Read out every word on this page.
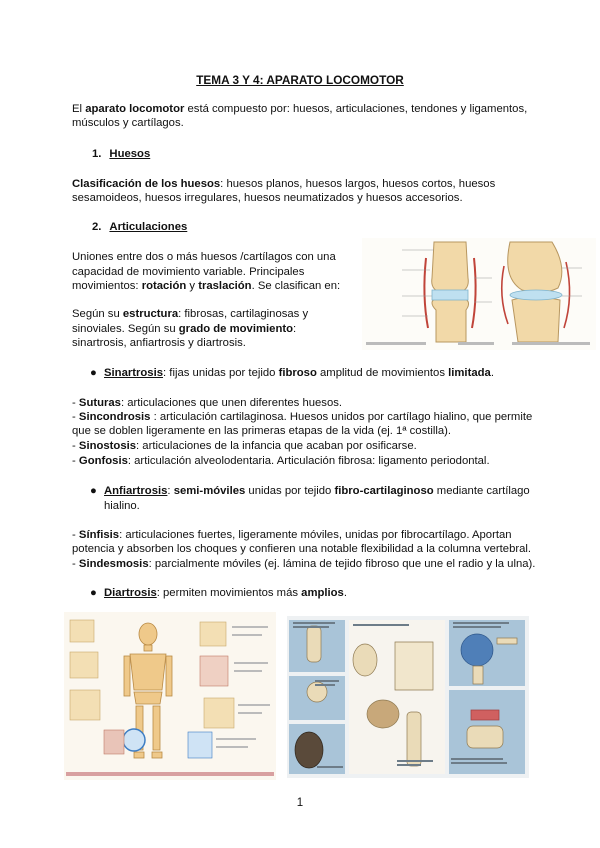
TEMA 3 Y 4: APARATO LOCOMOTOR
El aparato locomotor está compuesto por: huesos, articulaciones, tendones y ligamentos,
músculos y cartílagos.
1. Huesos
Clasificación de los huesos: huesos planos, huesos largos, huesos cortos, huesos
sesamoideos, huesos irregulares, huesos neumatizados y huesos accesorios.
2. Articulaciones
Uniones entre dos o más huesos /cartílagos con una
capacidad de movimiento variable. Principales
movimientos: rotación y traslación. Se clasifican en:
Según su estructura: fibrosas, cartilaginosas y
sinoviales. Según su grado de movimiento:
sinartrosis, anfiartrosis y diartrosis.
● Sinartrosis: fijas unidas por tejido fibroso amplitud de movimientos limitada.
- Suturas: articulaciones que unen diferentes huesos.
- Sincondrosis : articulación cartilaginosa. Huesos unidos por cartílago hialino, que permite
que se doblen ligeramente en las primeras etapas de la vida (ej. 1ª costilla).
- Sinostosis: articulaciones de la infancia que acaban por osificarse.
- Gonfosis: articulación alveolodentaria. Articulación fibrosa: ligamento periodontal.
● Anfiartrosis: semi-móviles unidas por tejido fibro-cartilaginoso mediante cartílago
hialino.
- Sínfisis: articulaciones fuertes, ligeramente móviles, unidas por fibrocartílago. Aportan
potencia y absorben los choques y confieren una notable flexibilidad a la columna vertebral.
- Sindesmosis: parcialmente móviles (ej. lámina de tejido fibroso que une el radio y la ulna).
● Diartrosis: permiten movimientos más amplios.
1
